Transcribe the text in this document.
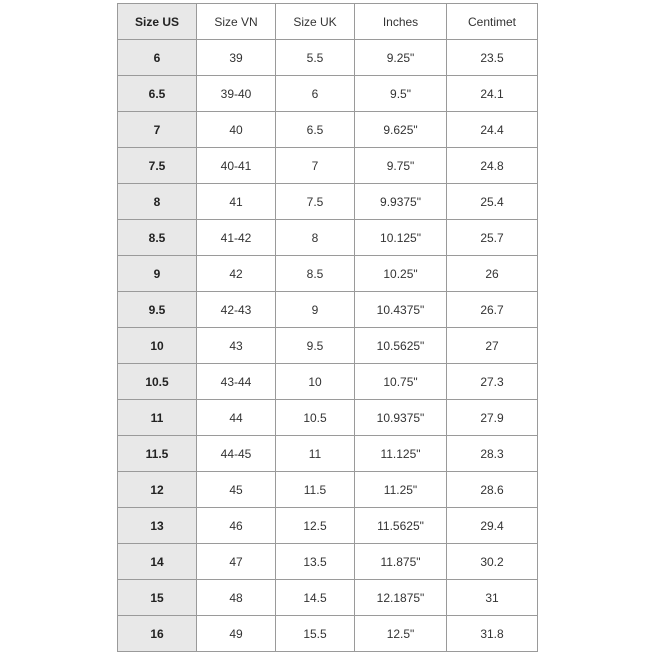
Size US	Size VN	Size UK	Inches	Centimet
6	39	5.5	9.25"	23.5
6.5	39-40	6	9.5"	24.1
7	40	6.5	9.625"	24.4
7.5	40-41	7	9.75"	24.8
8	41	7.5	9.9375"	25.4
8.5	41-42	8	10.125"	25.7
9	42	8.5	10.25"	26
9.5	42-43	9	10.4375"	26.7
10	43	9.5	10.5625"	27
10.5	43-44	10	10.75"	27.3
11	44	10.5	10.9375"	27.9
11.5	44-45	11	11.125"	28.3
12	45	11.5	11.25"	28.6
13	46	12.5	11.5625"	29.4
14	47	13.5	11.875"	30.2
15	48	14.5	12.1875"	31
16	49	15.5	12.5"	31.8
